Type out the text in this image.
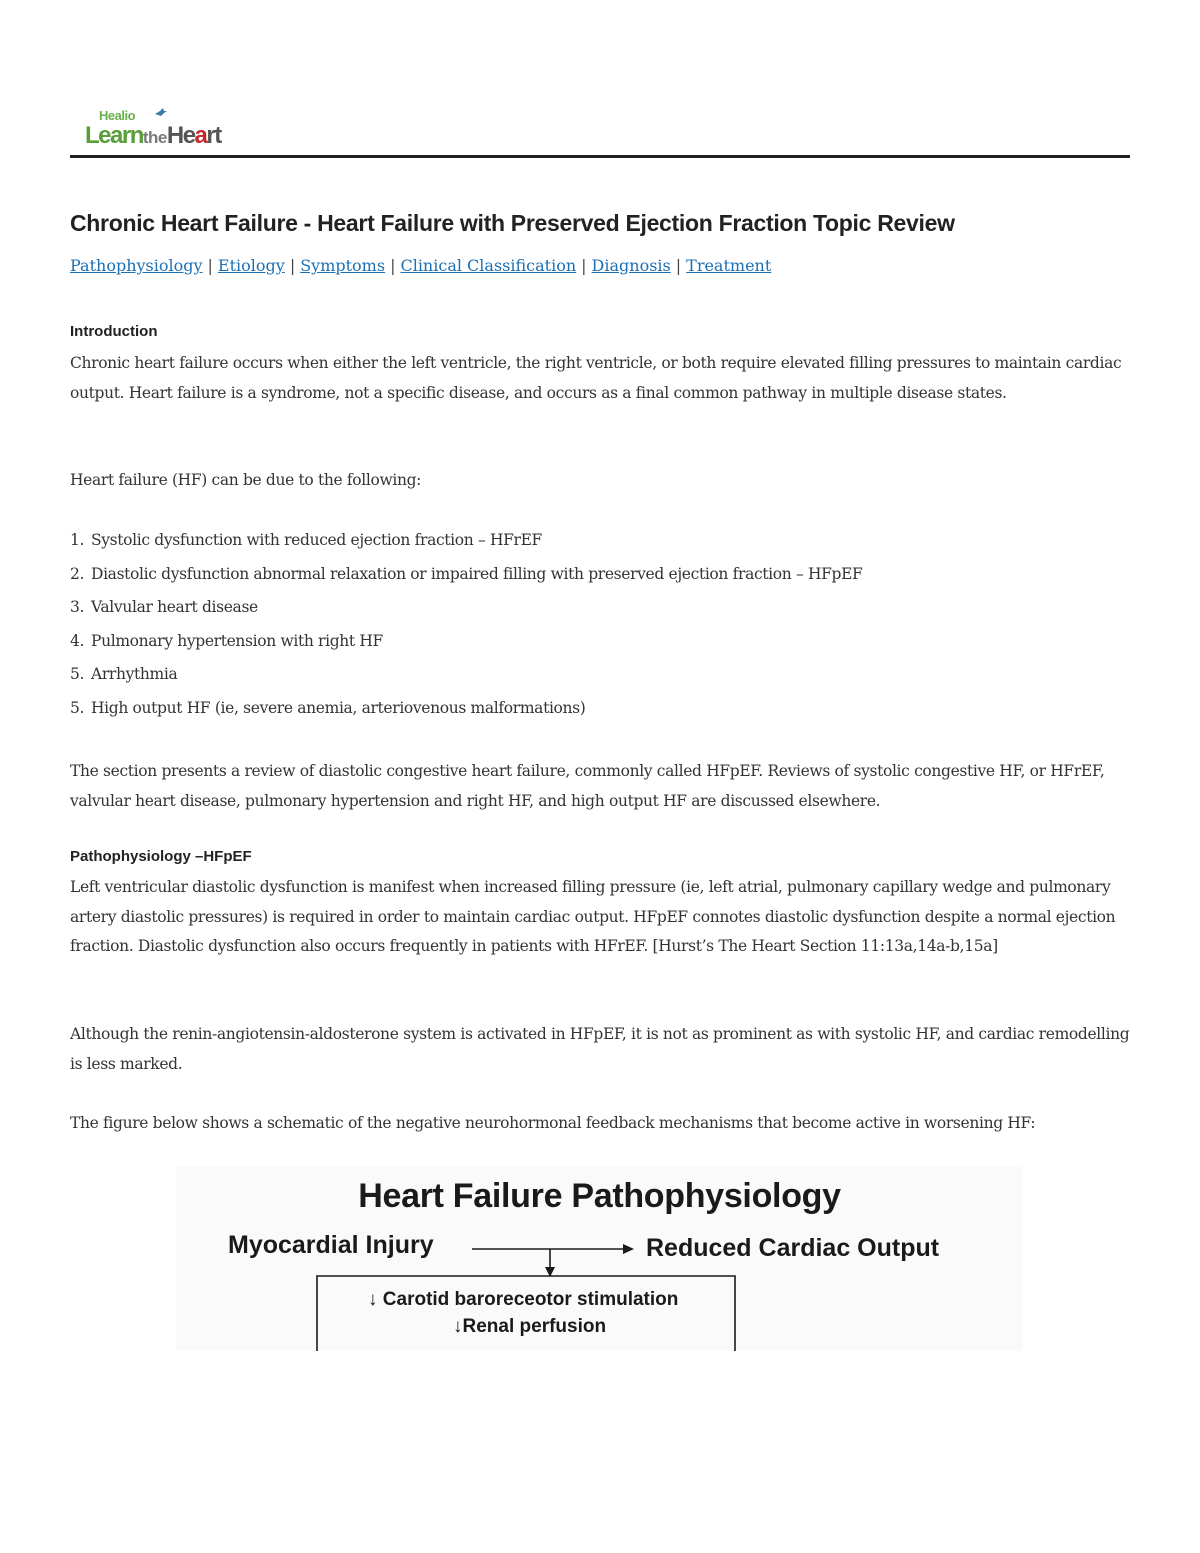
Healio
LearntheHeart
Chronic Heart Failure - Heart Failure with Preserved Ejection Fraction Topic Review
Pathophysiology | Etiology | Symptoms | Clinical Classification | Diagnosis | Treatment
Introduction

Chronic heart failure occurs when either the left ventricle, the right ventricle, or both require elevated filling pressures to maintain cardiac output. Heart failure is a syndrome, not a specific disease, and occurs as a final common pathway in multiple disease states.

Heart failure (HF) can be due to the following:

1. Systolic dysfunction with reduced ejection fraction – HFrEF
2. Diastolic dysfunction abnormal relaxation or impaired filling with preserved ejection fraction – HFpEF
3. Valvular heart disease
4. Pulmonary hypertension with right HF
5. Arrhythmia
5. High output HF (ie, severe anemia, arteriovenous malformations)

The section presents a review of diastolic congestive heart failure, commonly called HFpEF. Reviews of systolic congestive HF, or HFrEF, valvular heart disease, pulmonary hypertension and right HF, and high output HF are discussed elsewhere.

Pathophysiology –HFpEF

Left ventricular diastolic dysfunction is manifest when increased filling pressure (ie, left atrial, pulmonary capillary wedge and pulmonary artery diastolic pressures) is required in order to maintain cardiac output. HFpEF connotes diastolic dysfunction despite a normal ejection fraction. Diastolic dysfunction also occurs frequently in patients with HFrEF. [Hurst’s The Heart Section 11:13a,14a-b,15a]

Although the renin-angiotensin-aldosterone system is activated in HFpEF, it is not as prominent as with systolic HF, and cardiac remodelling is less marked.

The figure below shows a schematic of the negative neurohormonal feedback mechanisms that become active in worsening HF:

Heart Failure Pathophysiology
Myocardial Injury	Reduced Cardiac Output
↓ Carotid baroreceotor stimulation
↓Renal perfusion
